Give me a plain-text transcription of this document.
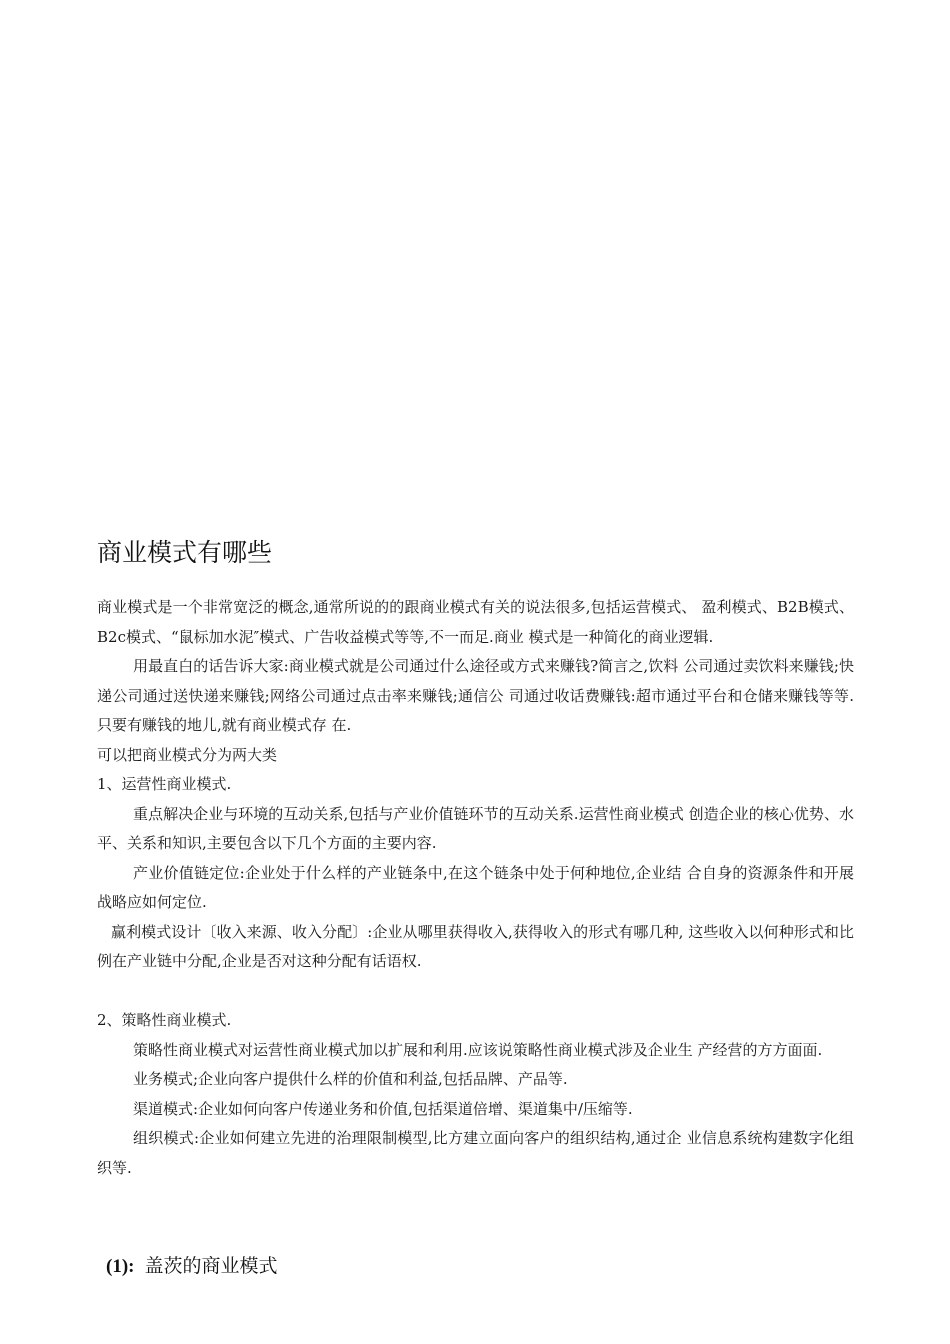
商业模式有哪些

商业模式是一个非常宽泛的概念,通常所说的的跟商业模式有关的说法很多,包括运营模式、 盈利模式、B2B模式、B2c模式、“鼠标加水泥″模式、广告收益模式等等,不一而足.商业 模式是一种简化的商业逻辑.

用最直白的话告诉大家:商业模式就是公司通过什么途径或方式来赚钱?简言之,饮料 公司通过卖饮料来赚钱;快递公司通过送快递来赚钱;网络公司通过点击率来赚钱;通信公 司通过收话费赚钱:超市通过平台和仓储来赚钱等等.只要有赚钱的地儿,就有商业模式存 在.

可以把商业模式分为两大类

1、运营性商业模式.

重点解决企业与环境的互动关系,包括与产业价值链环节的互动关系.运营性商业模式 创造企业的核心优势、水平、关系和知识,主要包含以下几个方面的主要内容.

产业价值链定位:企业处于什么样的产业链条中,在这个链条中处于何种地位,企业结 合自身的资源条件和开展战略应如何定位.

赢利模式设计〔收入来源、收入分配〕:企业从哪里获得收入,获得收入的形式有哪几种, 这些收入以何种形式和比例在产业链中分配,企业是否对这种分配有话语权.

2、策略性商业模式.

策略性商业模式对运营性商业模式加以扩展和利用.应该说策略性商业模式涉及企业生 产经营的方方面面.

业务模式;企业向客户提供什么样的价值和利益,包括品牌、产品等.

渠道模式:企业如何向客户传递业务和价值,包括渠道倍增、渠道集中/压缩等.

组织模式:企业如何建立先进的治理限制模型,比方建立面向客户的组织结构,通过企 业信息系统构建数字化组织等.

(1): 盖茨的商业模式
